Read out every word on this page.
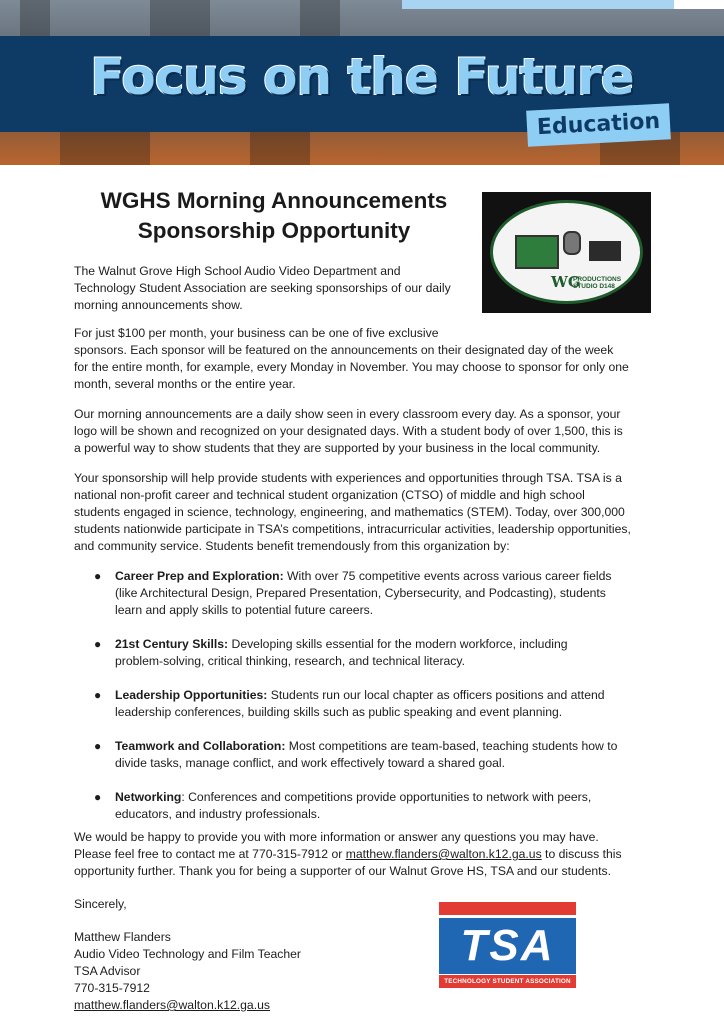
Focus on the Future
Education
WGHS Morning Announcements
Sponsorship Opportunity
WG
PRODUCTIONS
STUDIO D148
The Walnut Grove High School Audio Video Department and
Technology Student Association are seeking sponsorships of our daily
morning announcements show.
For just $100 per month, your business can be one of five exclusive
sponsors. Each sponsor will be featured on the announcements on their designated day of the week
for the entire month, for example, every Monday in November. You may choose to sponsor for only one
month, several months or the entire year.
Our morning announcements are a daily show seen in every classroom every day. As a sponsor, your
logo will be shown and recognized on your designated days. With a student body of over 1,500, this is
a powerful way to show students that they are supported by your business in the local community.
Your sponsorship will help provide students with experiences and opportunities through TSA. TSA is a
national non-profit career and technical student organization (CTSO) of middle and high school
students engaged in science, technology, engineering, and mathematics (STEM). Today, over 300,000
students nationwide participate in TSA’s competitions, intracurricular activities, leadership opportunities,
and community service. Students benefit tremendously from this organization by:
● Career Prep and Exploration: With over 75 competitive events across various career fields
(like Architectural Design, Prepared Presentation, Cybersecurity, and Podcasting), students
learn and apply skills to potential future careers.
● 21st Century Skills: Developing skills essential for the modern workforce, including
problem-solving, critical thinking, research, and technical literacy.
● Leadership Opportunities: Students run our local chapter as officers positions and attend
leadership conferences, building skills such as public speaking and event planning.
● Teamwork and Collaboration: Most competitions are team-based, teaching students how to
divide tasks, manage conflict, and work effectively toward a shared goal.
● Networking: Conferences and competitions provide opportunities to network with peers,
educators, and industry professionals.
We would be happy to provide you with more information or answer any questions you may have.
Please feel free to contact me at 770-315-7912 or matthew.flanders@walton.k12.ga.us to discuss this
opportunity further. Thank you for being a supporter of our Walnut Grove HS, TSA and our students.
Sincerely,
Matthew Flanders
Audio Video Technology and Film Teacher
TSA Advisor
770-315-7912
matthew.flanders@walton.k12.ga.us
TSA
TECHNOLOGY STUDENT ASSOCIATION
